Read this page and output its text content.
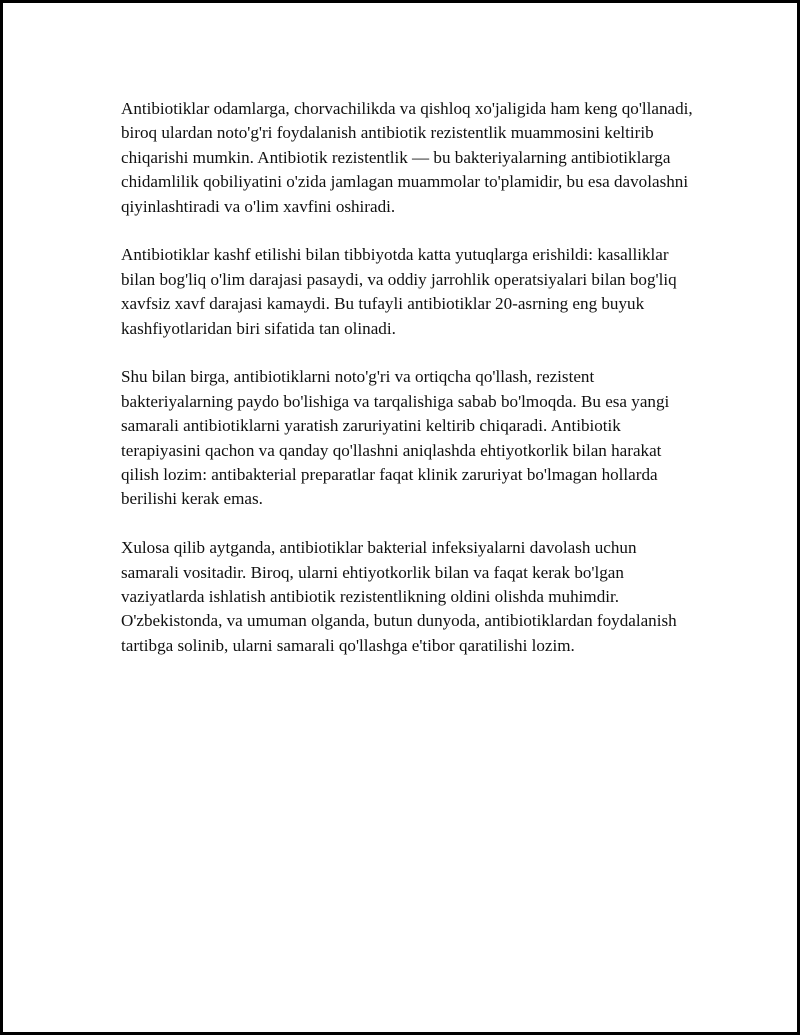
Antibiotiklar odamlarga, chorvachilikda va qishloq xo'jaligida ham keng qo'llanadi, biroq ulardan noto'g'ri foydalanish antibiotik rezistentlik muammosini keltirib chiqarishi mumkin. Antibiotik rezistentlik — bu bakteriyalarning antibiotiklarga chidamlilik qobiliyatini o'zida jamlagan muammolar to'plamidir, bu esa davolashni qiyinlashtiradi va o'lim xavfini oshiradi.

Antibiotiklar kashf etilishi bilan tibbiyotda katta yutuqlarga erishildi: kasalliklar bilan bog'liq o'lim darajasi pasaydi, va oddiy jarrohlik operatsiyalari bilan bog'liq xavfsiz xavf darajasi kamaydi. Bu tufayli antibiotiklar 20-asrning eng buyuk kashfiyotlaridan biri sifatida tan olinadi.

Shu bilan birga, antibiotiklarni noto'g'ri va ortiqcha qo'llash, rezistent bakteriyalarning paydo bo'lishiga va tarqalishiga sabab bo'lmoqda. Bu esa yangi samarali antibiotiklarni yaratish zaruriyatini keltirib chiqaradi. Antibiotik terapiyasini qachon va qanday qo'llashni aniqlashda ehtiyotkorlik bilan harakat qilish lozim: antibakterial preparatlar faqat klinik zaruriyat bo'lmagan hollarda berilishi kerak emas.

Xulosa qilib aytganda, antibiotiklar bakterial infeksiyalarni davolash uchun samarali vositadir. Biroq, ularni ehtiyotkorlik bilan va faqat kerak bo'lgan vaziyatlarda ishlatish antibiotik rezistentlikning oldini olishda muhimdir. O'zbekistonda, va umuman olganda, butun dunyoda, antibiotiklardan foydalanish tartibga solinib, ularni samarali qo'llashga e'tibor qaratilishi lozim.
